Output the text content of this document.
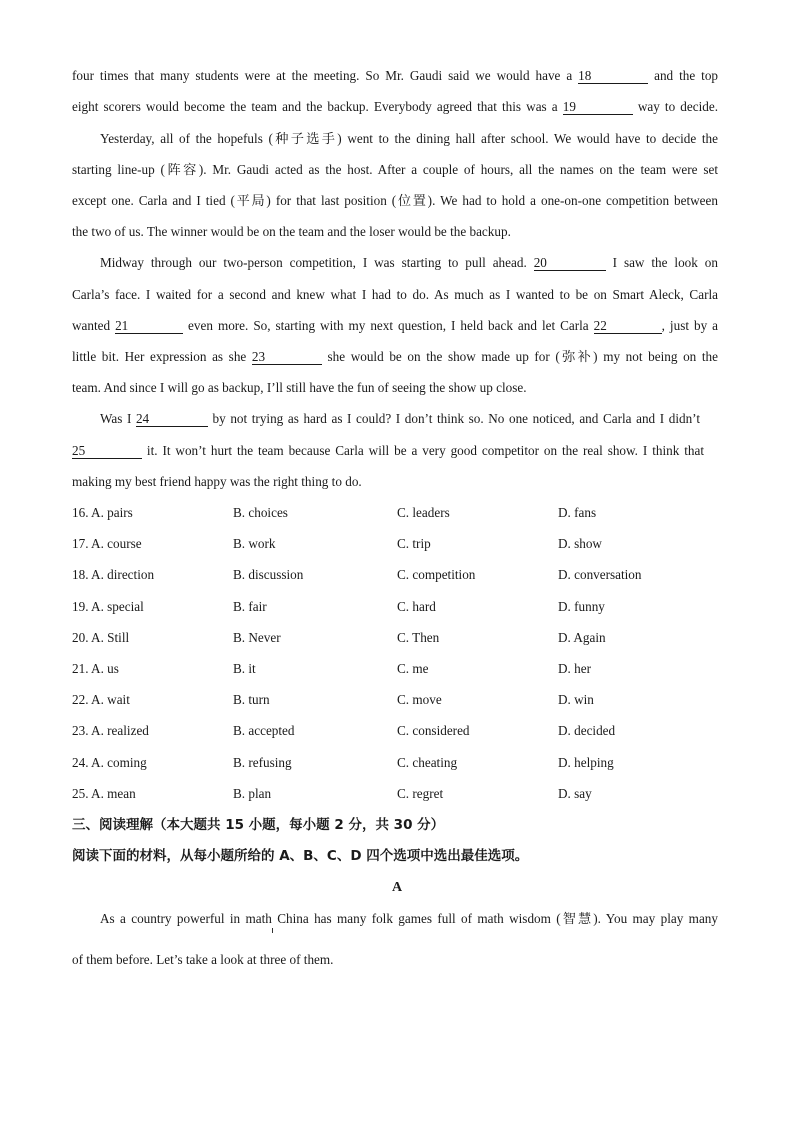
four times that many students were at the meeting. So Mr. Gaudi said we would have a 18	and the top
eight scorers would become the team and the backup. Everybody agreed that this was a 19	way to decide.
Yesterday, all of the hopefuls (种子选手) went to the dining hall after school. We would have to decide the
starting line-up (阵容). Mr. Gaudi acted as the host. After a couple of hours, all the names on the team were set
except one. Carla and I tied (平局) for that last position (位置). We had to hold a one-on-one competition between
the two of us. The winner would be on the team and the loser would be the backup.
Midway through our two-person competition, I was starting to pull ahead. 20	I saw the look on
Carla’s face. I waited for a second and knew what I had to do. As much as I wanted to be on Smart Aleck, Carla
wanted 21	even more. So, starting with my next question, I held back and let Carla 22	, just by a
little bit. Her expression as she 23	she would be on the show made up for (弥补) my not being on the
team. And since I will go as backup, I’ll still have the fun of seeing the show up close.
Was I 24	by not trying as hard as I could? I don’t think so. No one noticed, and Carla and I didn’t
25	it. It won’t hurt the team because Carla will be a very good competitor on the real show. I think that
making my best friend happy was the right thing to do.
16. A. pairs	B. choices	C. leaders	D. fans
17. A. course	B. work	C. trip	D. show
18. A. direction	B. discussion	C. competition	D. conversation
19. A. special	B. fair	C. hard	D. funny
20. A. Still	B. Never	C. Then	D. Again
21. A. us	B. it	C. me	D. her
22. A. wait	B. turn	C. move	D. win
23. A. realized	B. accepted	C. considered	D. decided
24. A. coming	B. refusing	C. cheating	D. helping
25. A. mean	B. plan	C. regret	D. say
三、阅读理解（本大题共 15 小题，每小题 2 分，共 30 分）
阅读下面的材料，从每小题所给的 A、B、C、D 四个选项中选出最佳选项。
A
As a country powerful in math China has many folk games full of math wisdom (智慧). You may play many
of them before. Let’s take a look at three of them.
